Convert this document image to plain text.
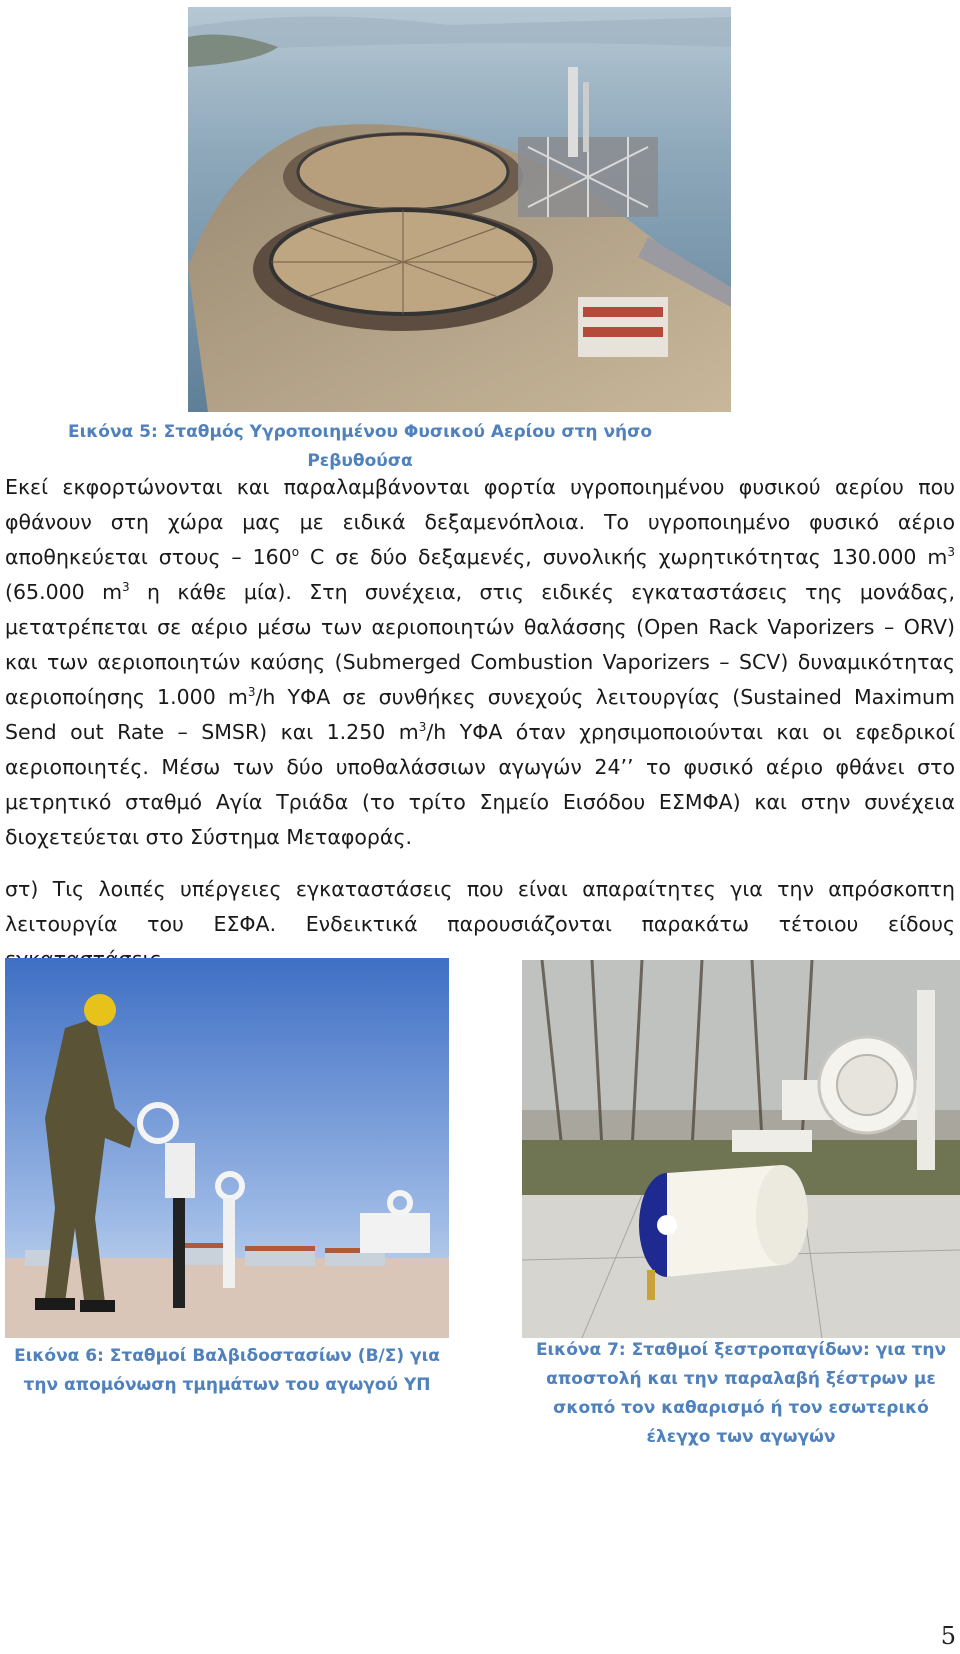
Εικόνα 5: Σταθμός Υγροποιημένου Φυσικού Αερίου στη νήσο Ρεβυθούσα

Εκεί εκφορτώνονται και παραλαμβάνονται φορτία υγροποιημένου φυσικού αερίου που φθάνουν στη χώρα μας με ειδικά δεξαμενόπλοια. Το υγροποιημένο φυσικό αέριο αποθηκεύεται στους – 160$^o$ C σε δύο δεξαμενές, συνολικής χωρητικότητας 130.000 $m^3$ (65.000 $m^3$ η κάθε μία). Στη συνέχεια, στις ειδικές εγκαταστάσεις της μονάδας, μετατρέπεται σε αέριο μέσω των αεριοποιητών θαλάσσης (Open Rack Vaporizers – ORV) και των αεριοποιητών καύσης (Submerged Combustion Vaporizers – SCV) δυναμικότητας αεριοποίησης 1.000 $m^3/h$ ΥΦΑ σε συνθήκες συνεχούς λειτουργίας (Sustained Maximum Send out Rate – SMSR) και 1.250 $m^3/h$ ΥΦΑ όταν χρησιμοποιούνται και οι εφεδρικοί αεριοποιητές. Μέσω των δύο υποθαλάσσιων αγωγών 24’’ το φυσικό αέριο φθάνει στο μετρητικό σταθμό Αγία Τριάδα (το τρίτο Σημείο Εισόδου ΕΣΜΦΑ) και στην συνέχεια διοχετεύεται στο Σύστημα Μεταφοράς.

στ) Τις λοιπές υπέργειες εγκαταστάσεις που είναι απαραίτητες για την απρόσκοπτη λειτουργία του ΕΣΦΑ. Ενδεικτικά παρουσιάζονται παρακάτω τέτοιου είδους

Εικόνα 6: Σταθμοί Βαλβιδοστασίων (Β/Σ) για την απομόνωση τμημάτων του αγωγού ΥΠ
Εικόνα 7: Σταθμοί ξεστροπαγίδων: για την αποστολή και την παραλαβή ξέστρων με σκοπό τον καθαρισμό ή τον εσωτερικό έλεγχο των αγωγών
5
